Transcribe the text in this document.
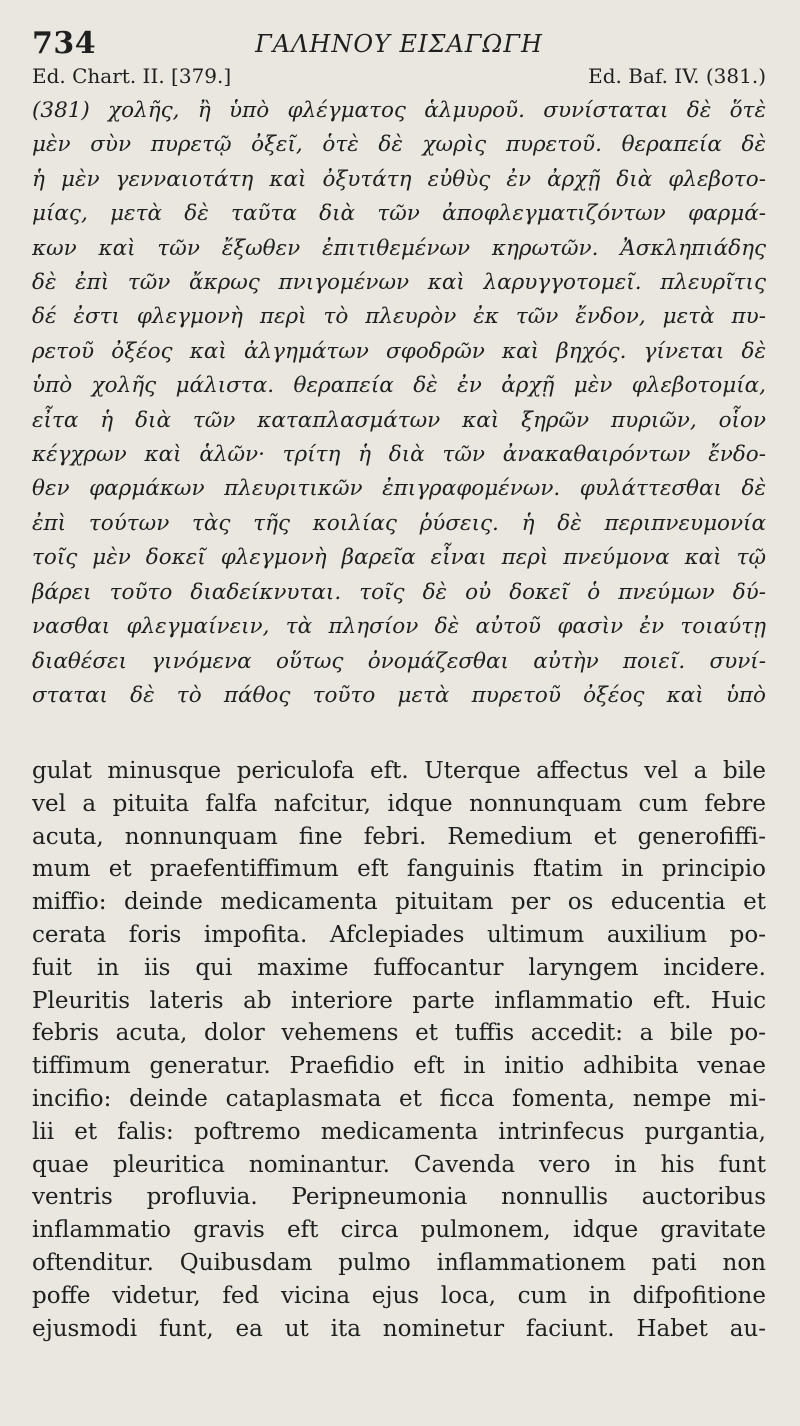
734	ΓΑΛΗΝΟΥ ΕΙΣΑΓΩΓΗ
Ed. Chart. II. [379.]	Ed. Baf. IV. (381.)
(381) χολῆς, ἢ ὑπὸ φλέγματος ἁλμυροῦ. συνίσταται δὲ ὅτὲ
μὲν σὺν πυρετῷ ὀξεῖ, ὁτὲ δὲ χωρὶς πυρετοῦ. θεραπεία δὲ
ἡ μὲν γενναιοτάτη καὶ ὀξυτάτη εὐθὺς ἐν ἀρχῇ διὰ φλεβοτο-
μίας, μετὰ δὲ ταῦτα διὰ τῶν ἀποφλεγματιζόντων φαρμά-
κων καὶ τῶν ἔξωθεν ἐπιτιθεμένων κηρωτῶν. Ἀσκληπιάδης
δὲ ἐπὶ τῶν ἄκρως πνιγομένων καὶ λαρυγγοτομεῖ. πλευρῖτις
δέ ἐστι φλεγμονὴ περὶ τὸ πλευρὸν ἐκ τῶν ἔνδον, μετὰ πυ-
ρετοῦ ὀξέος καὶ ἀλγημάτων σφοδρῶν καὶ βηχός. γίνεται δὲ
ὑπὸ χολῆς μάλιστα. θεραπεία δὲ ἐν ἀρχῇ μὲν φλεβοτομία,
εἶτα ἡ διὰ τῶν καταπλασμάτων καὶ ξηρῶν πυριῶν, οἷον
κέγχρων καὶ ἁλῶν· τρίτη ἡ διὰ τῶν ἀνακαθαιρόντων ἔνδο-
θεν φαρμάκων πλευριτικῶν ἐπιγραφομένων. φυλάττεσθαι δὲ
ἐπὶ τούτων τὰς τῆς κοιλίας ῥύσεις. ἡ δὲ περιπνευμονία
τοῖς μὲν δοκεῖ φλεγμονὴ βαρεῖα εἶναι περὶ πνεύμονα καὶ τῷ
βάρει τοῦτο διαδείκνυται. τοῖς δὲ οὐ δοκεῖ ὁ πνεύμων δύ-
νασθαι φλεγμαίνειν, τὰ πλησίον δὲ αὐτοῦ φασὶν ἐν τοιαύτῃ
διαθέσει γινόμενα οὕτως ὀνομάζεσθαι αὐτὴν ποιεῖ. συνί-
σταται δὲ τὸ πάθος τοῦτο μετὰ πυρετοῦ ὀξέος καὶ ὑπὸ
gulat minusque periculofa eft. Uterque affectus vel a bile
vel a pituita falfa nafcitur, idque nonnunquam cum febre
acuta, nonnunquam fine febri. Remedium et generofiffi-
mum et praefentiffimum eft fanguinis ftatim in principio
miffio: deinde medicamenta pituitam per os educentia et
cerata foris impofita. Afclepiades ultimum auxilium po-
fuit in iis qui maxime fuffocantur laryngem incidere.
Pleuritis lateris ab interiore parte inflammatio eft. Huic
febris acuta, dolor vehemens et tuffis accedit: a bile po-
tiffimum generatur. Praefidio eft in initio adhibita venae
incifio: deinde cataplasmata et ficca fomenta, nempe mi-
lii et falis: poftremo medicamenta intrinfecus purgantia,
quae pleuritica nominantur. Cavenda vero in his funt
ventris profluvia. Peripneumonia nonnullis auctoribus
inflammatio gravis eft circa pulmonem, idque gravitate
oftenditur. Quibusdam pulmo inflammationem pati non
poffe videtur, fed vicina ejus loca, cum in difpofitione
ejusmodi funt, ea ut ita nominetur faciunt. Habet au-
